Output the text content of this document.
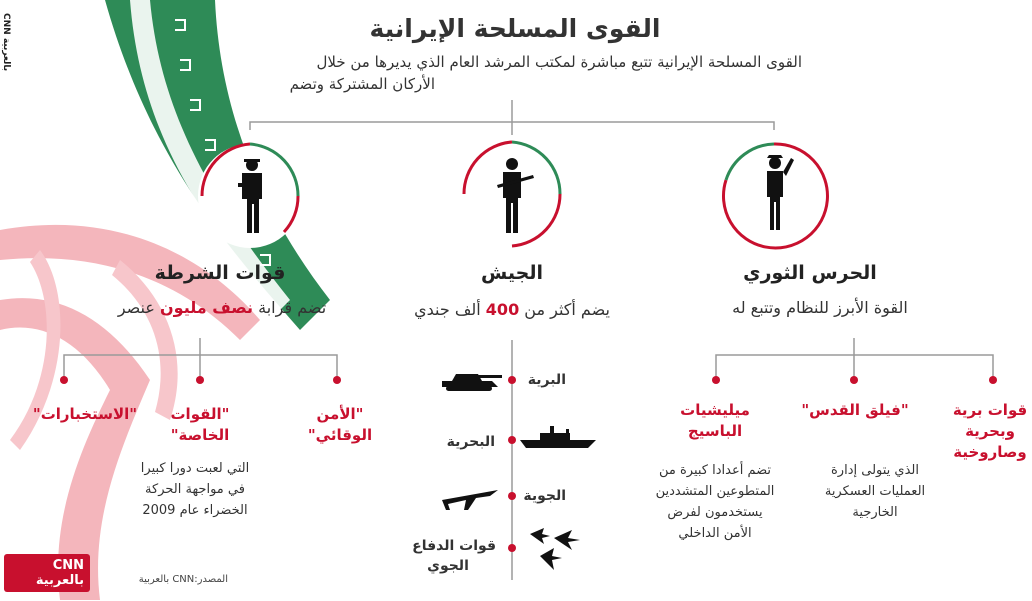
CNN بالعربية
القوى المسلحة الإيرانية
القوى المسلحة الإيرانية تتبع مباشرة لمكتب المرشد العام الذي يديرها من خلال
الأركان المشتركة وتضم
الحرس الثوري
القوة الأبرز للنظام وتتبع له
الجيش
يضم أكثر من 400 ألف جندي
قوات الشرطة
تضم قرابة نصف مليون عنصر
قوات برية
وبحرية
وصاروخية
"فيلق القدس"
الذي يتولى إدارة
العمليات العسكرية
الخارجية
ميليشيات
الباسيج
تضم أعدادا كبيرة من
المتطوعين المتشددين
يستخدمون لفرض
الأمن الداخلي
البرية
البحرية
الجوية
قوات الدفاع
الجوي
"الأمن
الوقائي"
"القوات
الخاصة"
التي لعبت دورا كبيرا
في مواجهة الحركة
الخضراء عام 2009
"الاستخبارات"
CNN بالعربية	المصدر:CNN بالعربية
